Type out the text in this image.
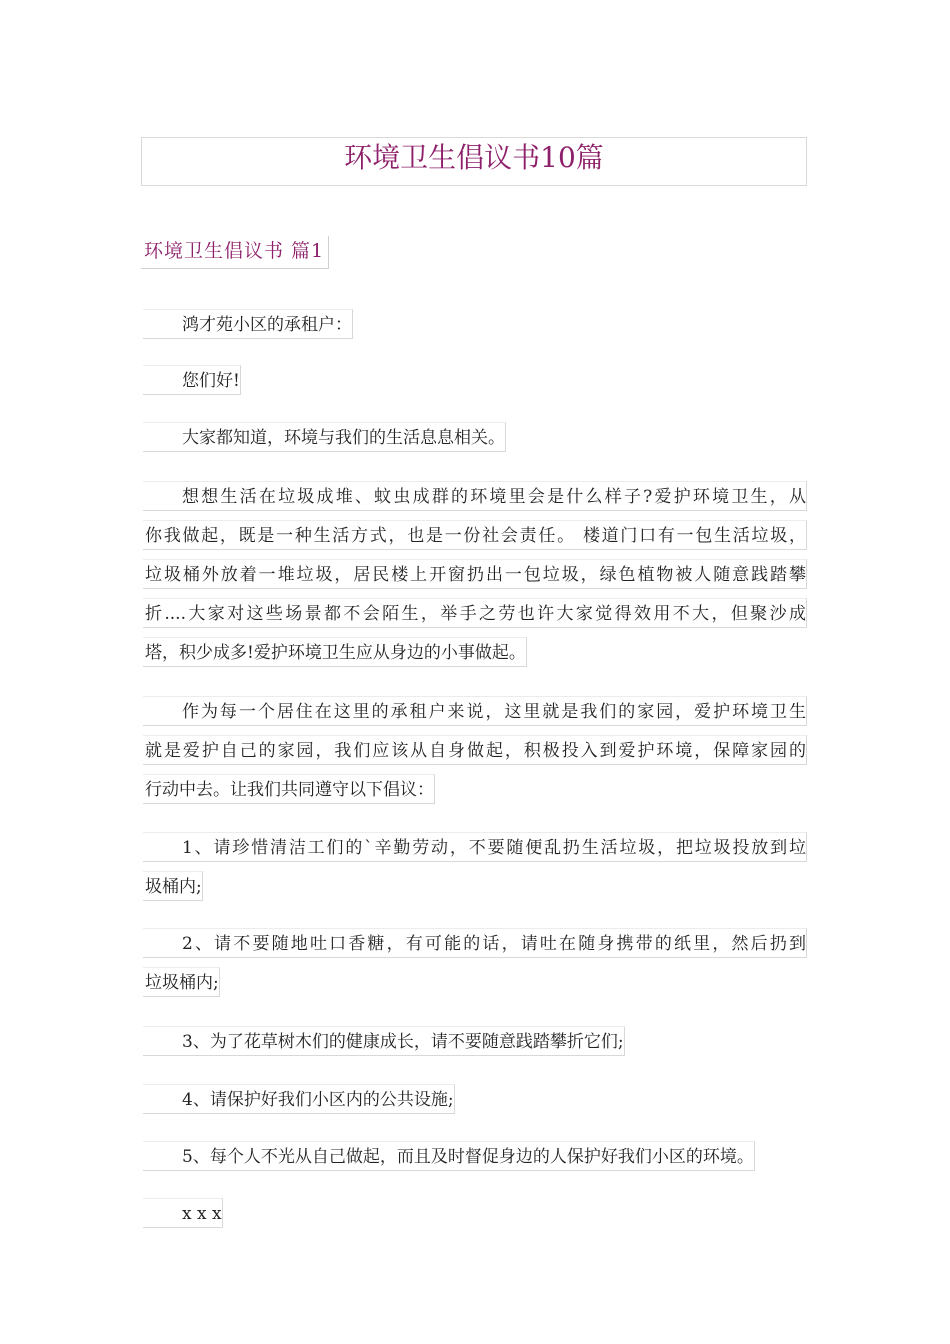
环境卫生倡议书10篇
环境卫生倡议书 篇1
鸿才苑小区的承租户：
您们好!
大家都知道，环境与我们的生活息息相关。
想想生活在垃圾成堆、蚊虫成群的环境里会是什么样子?爱护环境卫生，从
你我做起，既是一种生活方式，也是一份社会责任。 楼道门口有一包生活垃圾，
垃圾桶外放着一堆垃圾，居民楼上开窗扔出一包垃圾，绿色植物被人随意践踏攀
折....大家对这些场景都不会陌生，举手之劳也许大家觉得效用不大，但聚沙成
塔，积少成多!爱护环境卫生应从身边的小事做起。
作为每一个居住在这里的承租户来说，这里就是我们的家园，爱护环境卫生
就是爱护自己的家园，我们应该从自身做起，积极投入到爱护环境，保障家园的
行动中去。让我们共同遵守以下倡议：
1、请珍惜清洁工们的`辛勤劳动，不要随便乱扔生活垃圾，把垃圾投放到垃
圾桶内;
2、请不要随地吐口香糖，有可能的话，请吐在随身携带的纸里，然后扔到
垃圾桶内;
3、为了花草树木们的健康成长，请不要随意践踏攀折它们;
4、请保护好我们小区内的公共设施;
5、每个人不光从自己做起，而且及时督促身边的人保护好我们小区的环境。
x x x
